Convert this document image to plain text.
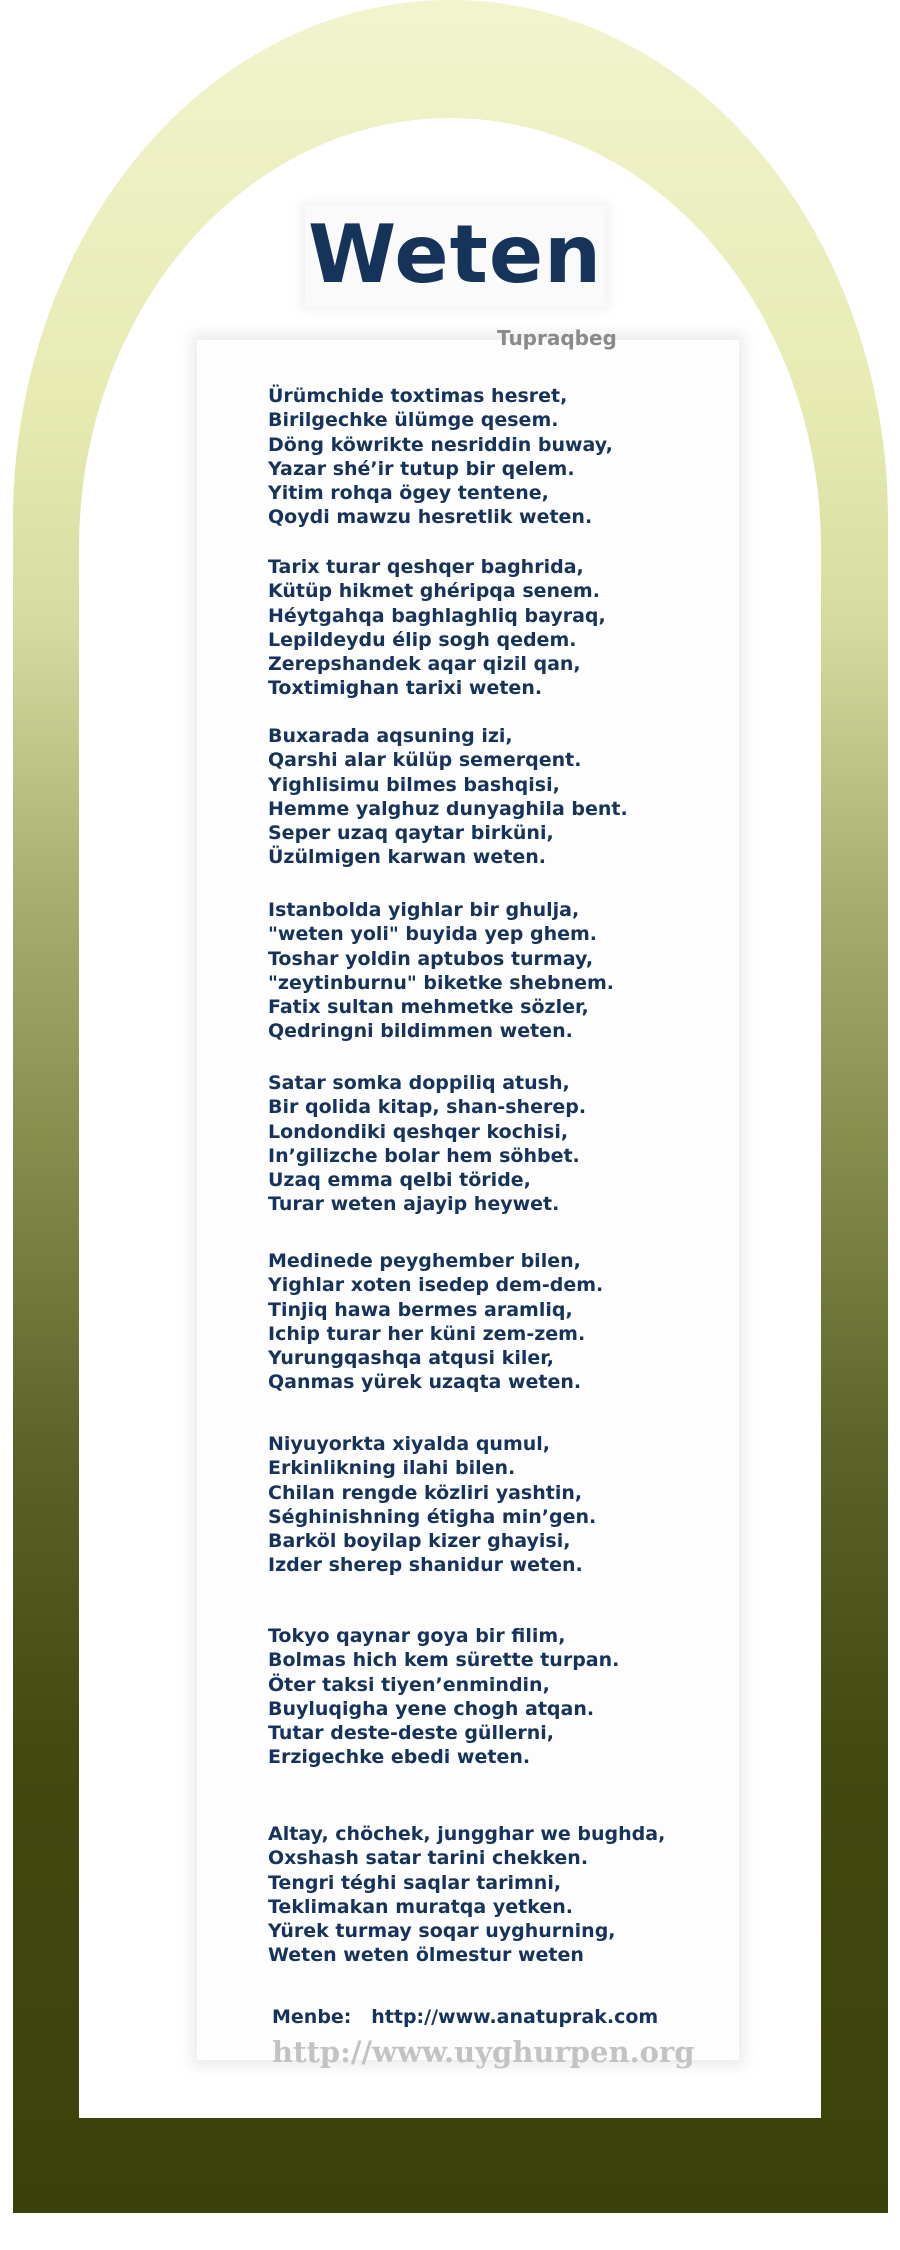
Weten
Tupraqbeg
Ürümchide toxtimas hesret,
Birilgechke ülümge qesem.
Döng köwrikte nesriddin buway,
Yazar shé’ir tutup bir qelem.
Yitim rohqa ögey tentene,
Qoydi mawzu hesretlik weten.
Tarix turar qeshqer baghrida,
Kütüp hikmet ghéripqa senem.
Héytgahqa baghlaghliq bayraq,
Lepildeydu élip sogh qedem.
Zerepshandek aqar qizil qan,
Toxtimighan tarixi weten.
Buxarada aqsuning izi,
Qarshi alar külüp semerqent.
Yighlisimu bilmes bashqisi,
Hemme yalghuz dunyaghila bent.
Seper uzaq qaytar birküni,
Üzülmigen karwan weten.
Istanbolda yighlar bir ghulja,
"weten yoli" buyida yep ghem.
Toshar yoldin aptubos turmay,
"zeytinburnu" biketke shebnem.
Fatix sultan mehmetke sözler,
Qedringni bildimmen weten.
Satar somka doppiliq atush,
Bir qolida kitap, shan-sherep.
Londondiki qeshqer kochisi,
In’gilizche bolar hem söhbet.
Uzaq emma qelbi töride,
Turar weten ajayip heywet.
Medinede peyghember bilen,
Yighlar xoten isedep dem-dem.
Tinjiq hawa bermes aramliq,
Ichip turar her küni zem-zem.
Yurungqashqa atqusi kiler,
Qanmas yürek uzaqta weten.
Niyuyorkta xiyalda qumul,
Erkinlikning ilahi bilen.
Chilan rengde közliri yashtin,
Séghinishning étigha min’gen.
Barköl boyilap kizer ghayisi,
Izder sherep shanidur weten.
Tokyo qaynar goya bir filim,
Bolmas hich kem sürette turpan.
Öter taksi tiyen’enmindin,
Buyluqigha yene chogh atqan.
Tutar deste-deste güllerni,
Erzigechke ebedi weten.
Altay, chöchek, jungghar we bughda,
Oxshash satar tarini chekken.
Tengri téghi saqlar tarimni,
Teklimakan muratqa yetken.
Yürek turmay soqar uyghurning,
Weten weten ölmestur weten
Menbe:   http://www.anatuprak.com
http://www.uyghurpen.org
